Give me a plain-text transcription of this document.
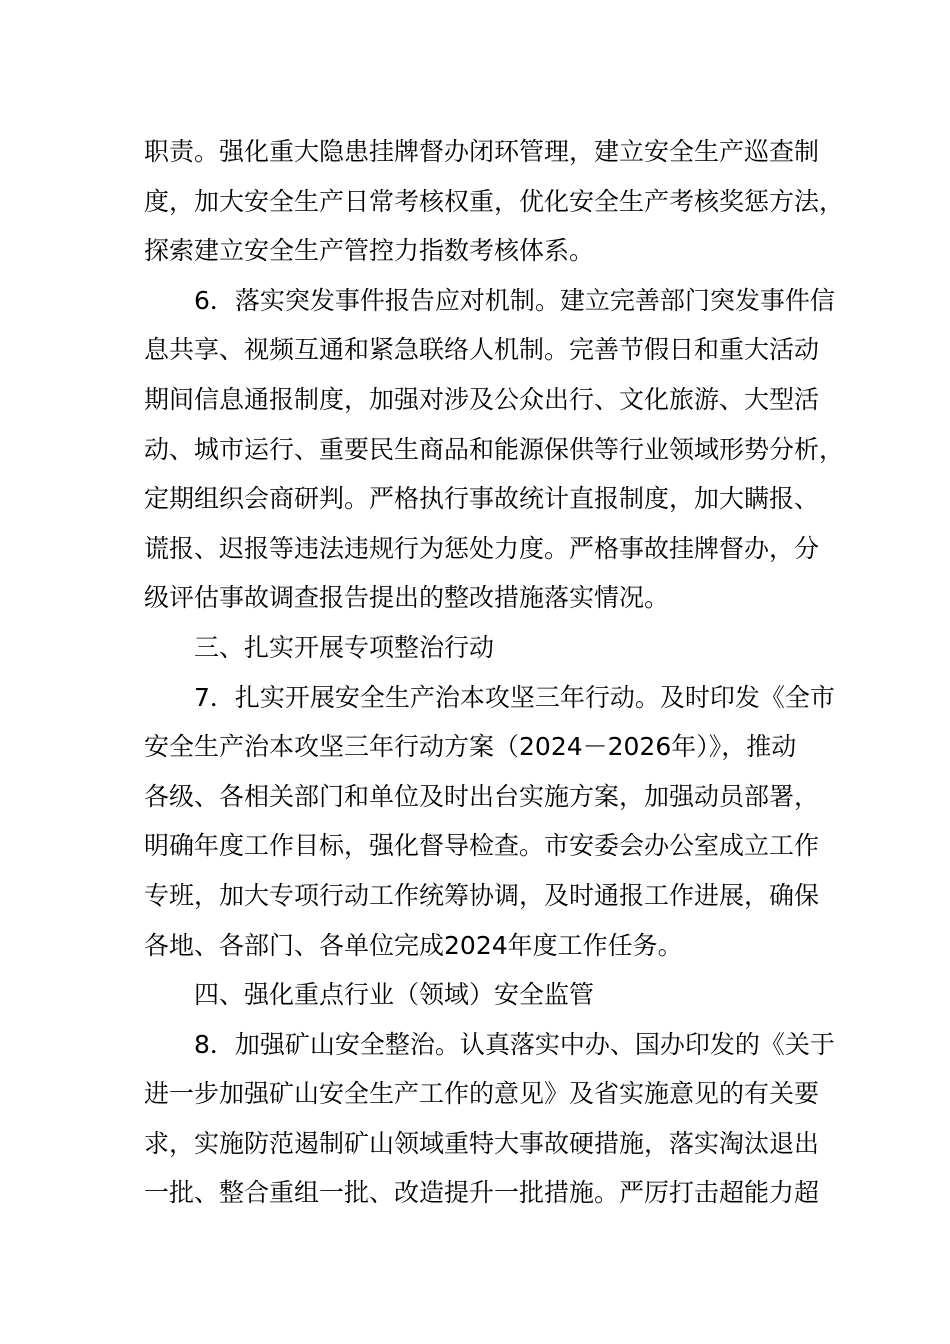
职责。强化重大隐患挂牌督办闭环管理，建立安全生产巡查制
度，加大安全生产日常考核权重，优化安全生产考核奖惩方法，
探索建立安全生产管控力指数考核体系。
6．落实突发事件报告应对机制。建立完善部门突发事件信
息共享、视频互通和紧急联络人机制。完善节假日和重大活动
期间信息通报制度，加强对涉及公众出行、文化旅游、大型活
动、城市运行、重要民生商品和能源保供等行业领域形势分析，
定期组织会商研判。严格执行事故统计直报制度，加大瞒报、
谎报、迟报等违法违规行为惩处力度。严格事故挂牌督办，分
级评估事故调查报告提出的整改措施落实情况。
三、扎实开展专项整治行动
7．扎实开展安全生产治本攻坚三年行动。及时印发《全市
安全生产治本攻坚三年行动方案（2024－2026年）》，推动
各级、各相关部门和单位及时出台实施方案，加强动员部署，
明确年度工作目标，强化督导检查。市安委会办公室成立工作
专班，加大专项行动工作统筹协调，及时通报工作进展，确保
各地、各部门、各单位完成2024年度工作任务。
四、强化重点行业（领域）安全监管
8．加强矿山安全整治。认真落实中办、国办印发的《关于
进一步加强矿山安全生产工作的意见》及省实施意见的有关要
求，实施防范遏制矿山领域重特大事故硬措施，落实淘汰退出
一批、整合重组一批、改造提升一批措施。严厉打击超能力超
